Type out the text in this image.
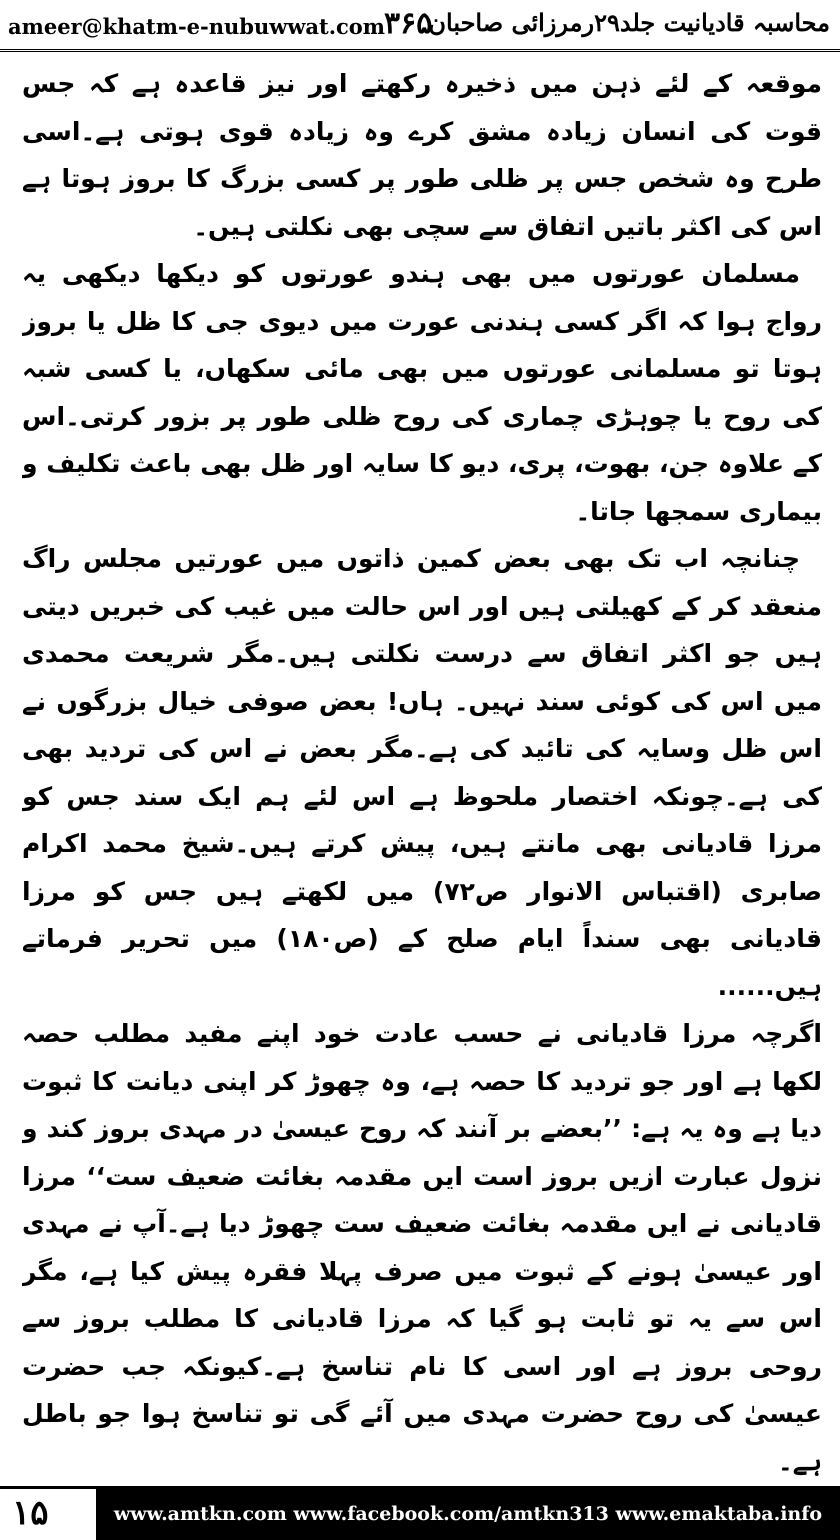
ameer@khatm-e-nubuwwat.com
۳۶۵
محاسبہ قادیانیت جلد۲۹رمرزائی صاحبان

موقعہ کے لئے ذہن میں ذخیرہ رکھتے اور نیز قاعدہ ہے کہ جس قوت کی انسان زیادہ مشق کرے وہ زیادہ قوی ہوتی ہے۔اسی طرح وہ شخص جس پر ظلی طور پر کسی بزرگ کا بروز ہوتا ہے اس کی اکثر باتیں اتفاق سے سچی بھی نکلتی ہیں۔

مسلمان عورتوں میں بھی ہندو عورتوں کو دیکھا دیکھی یہ رواج ہوا کہ اگر کسی ہندنی عورت میں دیوی جی کا ظل یا بروز ہوتا تو مسلمانی عورتوں میں بھی مائی سکھاں، یا کسی شبہ کی روح یا چوہڑی چماری کی روح ظلی طور پر بزور کرتی۔اس کے علاوہ جن، بھوت، پری، دیو کا سایہ اور ظل بھی باعث تکلیف و بیماری سمجھا جاتا۔

چنانچہ اب تک بھی بعض کمین ذاتوں میں عورتیں مجلس راگ منعقد کر کے کھیلتی ہیں اور اس حالت میں غیب کی خبریں دیتی ہیں جو اکثر اتفاق سے درست نکلتی ہیں۔مگر شریعت محمدی میں اس کی کوئی سند نہیں۔ ہاں! بعض صوفی خیال بزرگوں نے اس ظل وسایہ کی تائید کی ہے۔مگر بعض نے اس کی تردید بھی کی ہے۔چونکہ اختصار ملحوظ ہے اس لئے ہم ایک سند جس کو مرزا قادیانی بھی مانتے ہیں، پیش کرتے ہیں۔شیخ محمد اکرام صابری (اقتباس الانوار ص۷۲) میں لکھتے ہیں جس کو مرزا قادیانی بھی سنداً ایام صلح کے (ص۱۸۰) میں تحریر فرماتے ہیں......

اگرچہ مرزا قادیانی نے حسب عادت خود اپنے مفید مطلب حصہ لکھا ہے اور جو تردید کا حصہ ہے، وہ چھوڑ کر اپنی دیانت کا ثبوت دیا ہے وہ یہ ہے: ’’بعضے بر آنند کہ روح عیسیٰ در مہدی بروز کند و نزول عبارت ازیں بروز است ایں مقدمہ بغائت ضعیف ست‘‘ مرزا قادیانی نے ایں مقدمہ بغائت ضعیف ست چھوڑ دیا ہے۔آپ نے مہدی اور عیسیٰ ہونے کے ثبوت میں صرف پہلا فقرہ پیش کیا ہے، مگر اس سے یہ تو ثابت ہو گیا کہ مرزا قادیانی کا مطلب بروز سے روحی بروز ہے اور اسی کا نام تناسخ ہے۔کیونکہ جب حضرت عیسیٰ کی روح حضرت مہدی میں آئے گی تو تناسخ ہوا جو باطل ہے۔

۱۵	www.amtkn.com www.facebook.com/amtkn313 www.emaktaba.info
